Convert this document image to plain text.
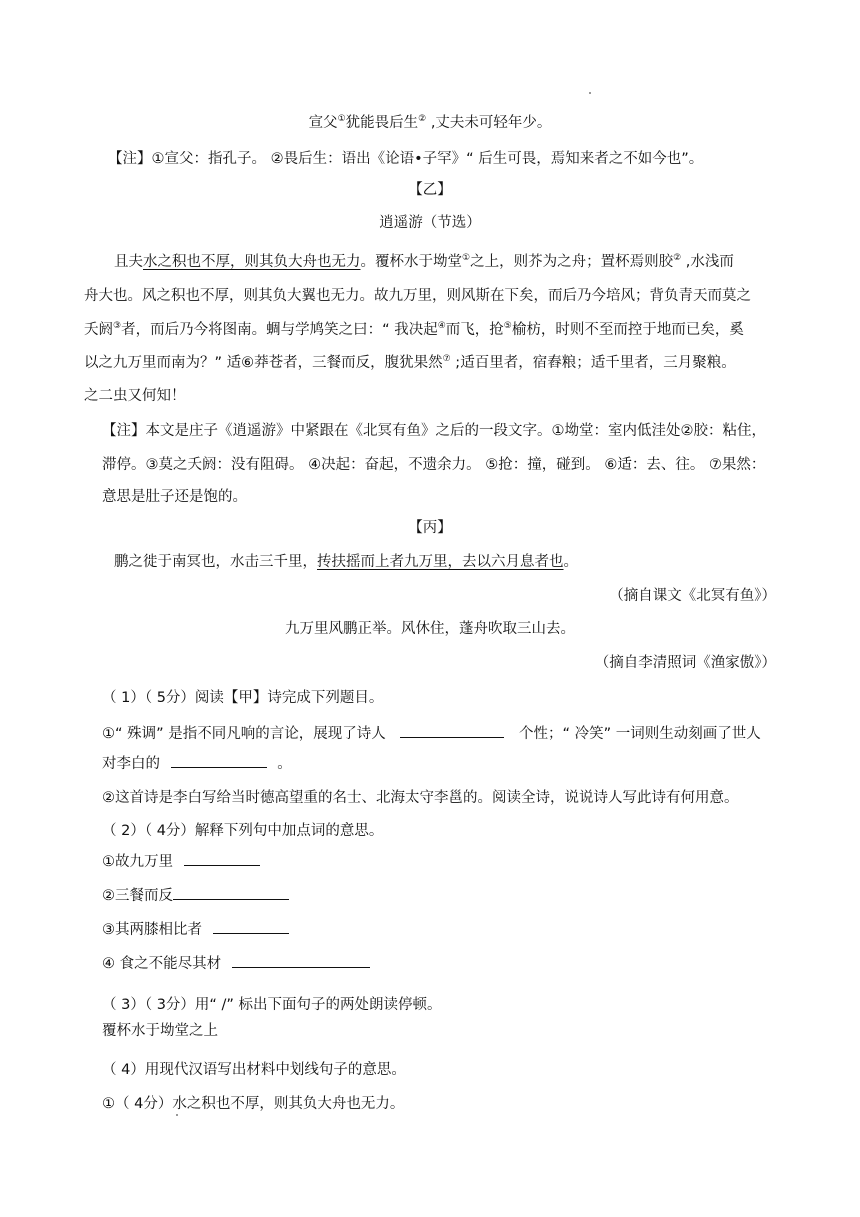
宣父①犹能畏后生② ,丈夫未可轻年少。
【注】①宣父：指孔子。 ②畏后生：语出《论语•子罕》“ 后生可畏，焉知来者之不如今也”。
【乙】
逍遥游（节选）
且夫水之积也不厚，则其负大舟也无力。覆杯水于坳堂①之上，则芥为之舟；置杯焉则胶② ,水浅而
舟大也。风之积也不厚，则其负大翼也无力。故九万里，则风斯在下矣，而后乃今培风；背负青天而莫之
夭阏③者，而后乃今将图南。蜩与学鸠笑之曰：“ 我决起④而飞，抢⑤榆枋，时则不至而控于地而已矣，奚
以之九万里而南为？” 适⑥莽苍者，三餐而反，腹犹果然⑦ ;适百里者，宿舂粮；适千里者，三月聚粮。
之二虫又何知！
【注】本文是庄子《逍遥游》中紧跟在《北冥有鱼》之后的一段文字。①坳堂：室内低洼处②胶：粘住，
滞停。③莫之夭阏：没有阻碍。 ④决起：奋起，不遗余力。 ⑤抢：撞，碰到。 ⑥适：去、往。 ⑦果然：
意思是肚子还是饱的。
【丙】
鹏之徙于南冥也，水击三千里，抟扶摇而上者九万里，去以六月息者也。
（摘自课文《北冥有鱼》）
九万里风鹏正举。风休住，蓬舟吹取三山去。
（摘自李清照词《渔家傲》）
（ 1）（ 5分）阅读【甲】诗完成下列题目。
①“ 殊调” 是指不同凡响的言论，展现了诗人	个性；“ 冷笑” 一词则生动刻画了世人
对李白的	。
②这首诗是李白写给当时德高望重的名士、北海太守李邕的。阅读全诗，说说诗人写此诗有何用意。
（ 2）（ 4分）解释下列句中加点词的意思。
①故九万里
②三餐而反
③其两膝相比者
④ 食之不能尽其材
（ 3）（ 3分）用“ /” 标出下面句子的两处朗读停顿。
覆杯水于坳堂之上
（ 4）用现代汉语写出材料中划线句子的意思。
①（ 4分）水之积也不厚，则其负大舟也无力。
